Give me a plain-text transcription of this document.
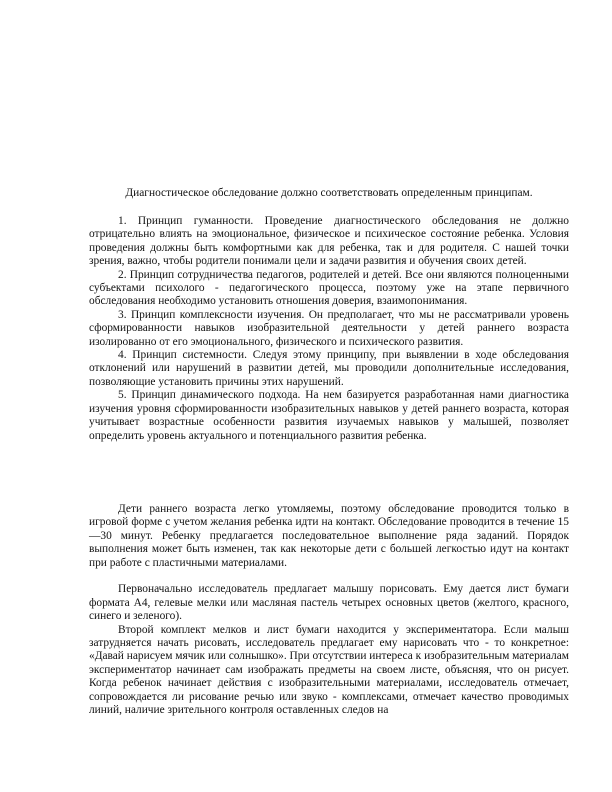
Диагностическое обследование должно соответствовать определенным принципам.

1. Принцип гуманности. Проведение диагностического обследования не должно отрицательно влиять на эмоциональное, физическое и психическое состояние ребенка. Условия проведения должны быть комфортными как для ребенка, так и для родителя. С нашей точки зрения, важно, чтобы родители понимали цели и задачи развития и обучения своих детей.

2. Принцип сотрудничества педагогов, родителей и детей. Все они являются полноценными субъектами психолого - педагогического процесса, поэтому уже на этапе первичного обследования необходимо установить отношения доверия, взаимопонимания.

3. Принцип комплексности изучения. Он предполагает, что мы не рассматривали уровень сформированности навыков изобразительной деятельности у детей раннего возраста изолированно от его эмоционального, физического и психического развития.

4. Принцип системности. Следуя этому принципу, при выявлении в ходе обследования отклонений или нарушений в развитии детей, мы проводили дополнительные исследования, позволяющие установить причины этих нарушений.

5. Принцип динамического подхода. На нем базируется разработанная нами диагностика изучения уровня сформированности изобразительных навыков у детей раннего возраста, которая учитывает возрастные особенности развития изучаемых навыков у малышей, позволяет определить уровень актуального и потенциального развития ребенка.

Дети раннего возраста легко утомляемы, поэтому обследование проводится только в игровой форме с учетом желания ребенка идти на контакт. Обследование проводится в течение 15—30 минут. Ребенку предлагается последовательное выполнение ряда заданий. Порядок выполнения может быть изменен, так как некоторые дети с большей легкостью идут на контакт при работе с пластичными материалами.

Первоначально исследователь предлагает малышу порисовать. Ему дается лист бумаги формата А4, гелевые мелки или масляная пастель четырех основных цветов (желтого, красного, синего и зеленого).

Второй комплект мелков и лист бумаги находится у экспериментатора. Если малыш затрудняется начать рисовать, исследователь предлагает ему нарисовать что - то конкретное: «Давай нарисуем мячик или солнышко». При отсутствии интереса к изобразительным материалам экспериментатор начинает сам изображать предметы на своем листе, объясняя, что он рисует. Когда ребенок начинает действия с изобразительными материалами, исследователь отмечает, сопровождается ли рисование речью или звуко - комплексами, отмечает качество проводимых линий, наличие зрительного контроля оставленных следов на
